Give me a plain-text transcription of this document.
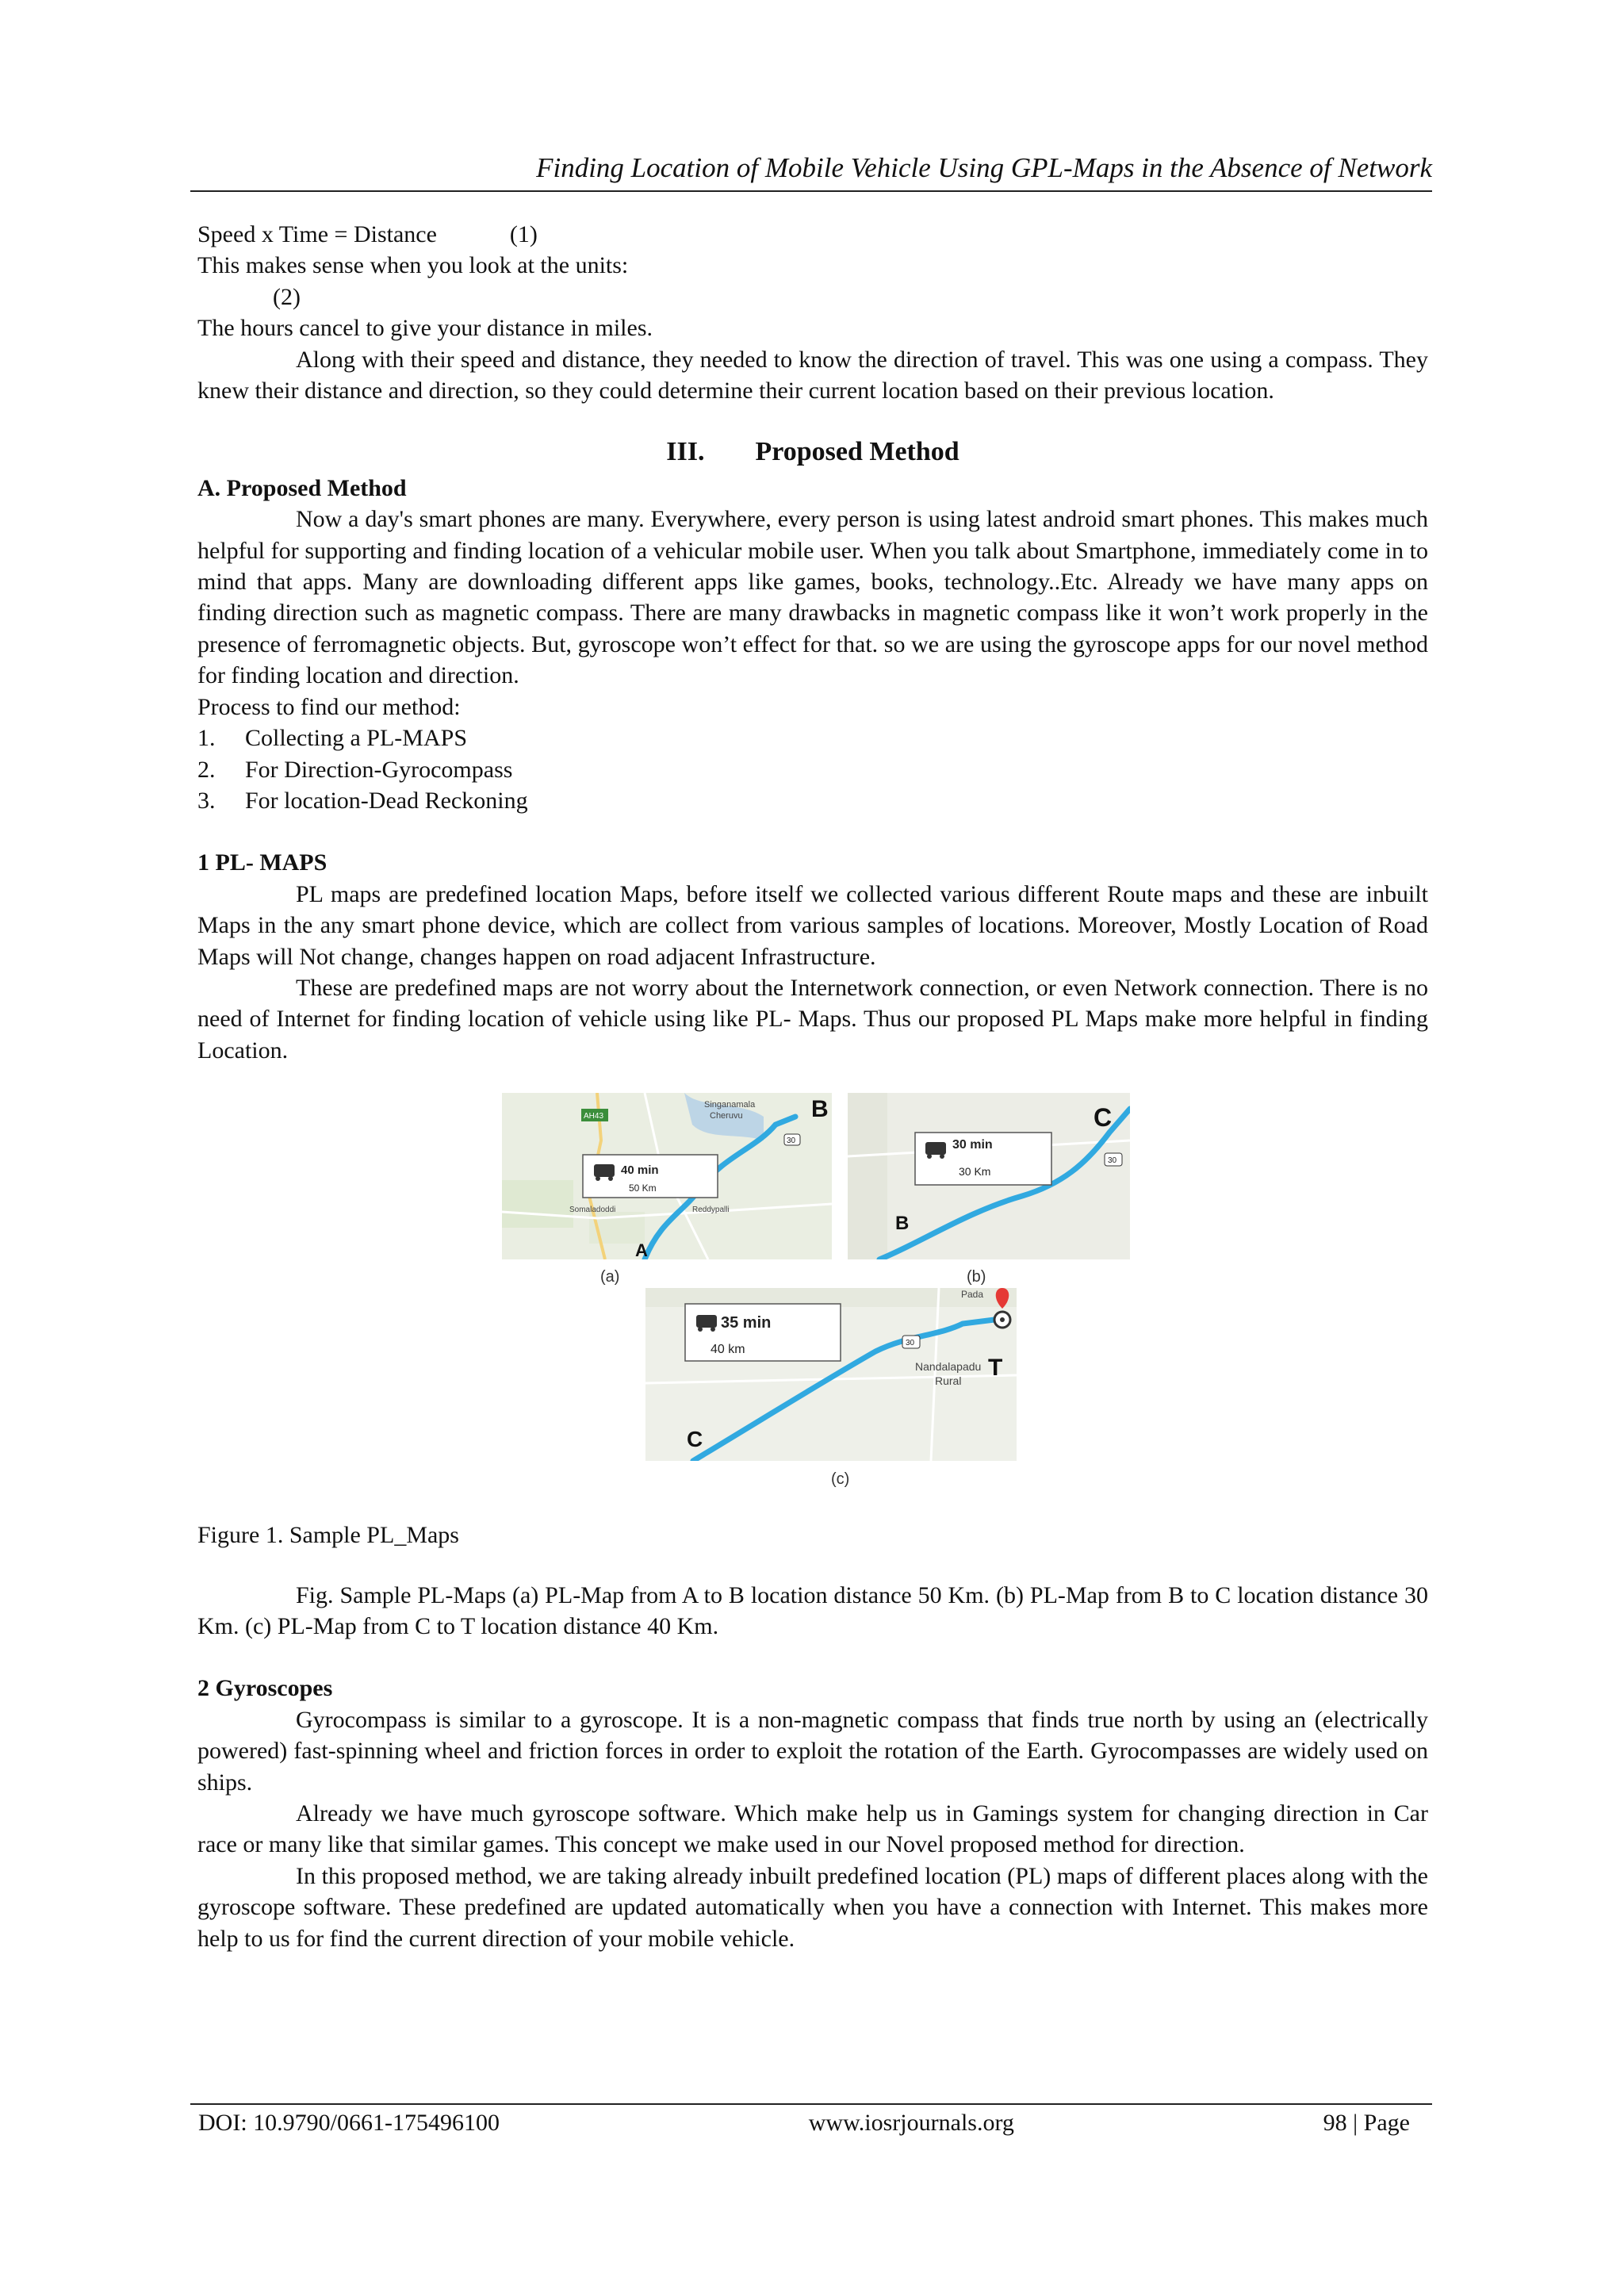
Finding Location of Mobile Vehicle Using GPL-Maps in the Absence of Network

Speed x Time = Distance	(1)

This makes sense when you look at the units:

(2)

The hours cancel to give your distance in miles.

Along with their speed and distance, they needed to know the direction of travel. This was one using a compass. They knew their distance and direction, so they could determine their current location based on their previous location.

III. Proposed Method

A. Proposed Method

Now a day's smart phones are many. Everywhere, every person is using latest android smart phones. This makes much helpful for supporting and finding location of a vehicular mobile user. When you talk about Smartphone, immediately come in to mind that apps. Many are downloading different apps like games, books, technology..Etc. Already we have many apps on finding direction such as magnetic compass. There are many drawbacks in magnetic compass like it won’t work properly in the presence of ferromagnetic objects. But, gyroscope won’t effect for that. so we are using the gyroscope apps for our novel method for finding location and direction.

Process to find our method:

1.	Collecting a PL-MAPS
2.	For Direction-Gyrocompass
3.	For location-Dead Reckoning

1 PL- MAPS

PL maps are predefined location Maps, before itself we collected various different Route maps and these are inbuilt Maps in the any smart phone device, which are collect from various samples of locations. Moreover, Mostly Location of Road Maps will Not change, changes happen on road adjacent Infrastructure.

These are predefined maps are not worry about the Internetwork connection, or even Network connection. There is no need of Internet for finding location of vehicle using like PL- Maps. Thus our proposed PL Maps make more helpful in finding Location.

40 min
50 Km
AH43
Somaladoddi	Reddypalli
Singanamala
Cheruvu
30
B
A
(a)
30 min
30 Km
30
C
B
(b)
35 min
40 km	30
Nandalapadu
Rural
Pada
T
C
(c)

Figure 1. Sample PL_Maps

Fig. Sample PL-Maps (a) PL-Map from A to B location distance 50 Km. (b) PL-Map from B to C location distance 30 Km. (c) PL-Map from C to T location distance 40 Km.

2 Gyroscopes

Gyrocompass is similar to a gyroscope. It is a non-magnetic compass that finds true north by using an (electrically powered) fast-spinning wheel and friction forces in order to exploit the rotation of the Earth. Gyrocompasses are widely used on ships.

Already we have much gyroscope software. Which make help us in Gamings system for changing direction in Car race or many like that similar games. This concept we make used in our Novel proposed method for direction.

In this proposed method, we are taking already inbuilt predefined location (PL) maps of different places along with the gyroscope software. These predefined are updated automatically when you have a connection with Internet. This makes more help to us for find the current direction of your mobile vehicle.

DOI: 10.9790/0661-175496100	www.iosrjournals.org	98 | Page
